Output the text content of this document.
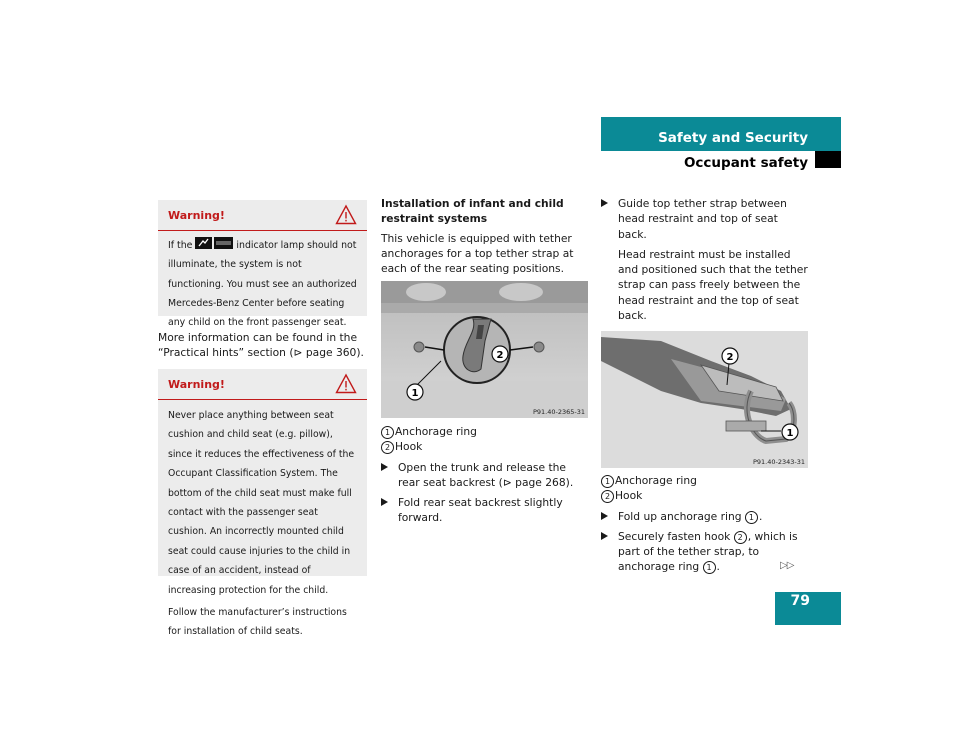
Safety and Security
Occupant safety
Warning!

If the	indicator lamp should not illuminate, the system is not functioning. You must see an authorized Mercedes-Benz Center before seating any child on the front passenger seat.

More information can be found in the “Practical hints” section (⊳ page 360).
Warning!

Never place anything between seat cushion and child seat (e.g. pillow), since it reduces the effectiveness of the Occupant Classification System. The bottom of the child seat must make full contact with the passenger seat cushion. An incorrectly mounted child seat could cause injuries to the child in case of an accident, instead of increasing protection for the child.

Follow the manufacturer’s instructions for installation of child seats.

Installation of infant and child restraint systems

This vehicle is equipped with tether anchorages for a top tether strap at each of the rear seating positions.

2
1
P91.40-2365-31

1 Anchorage ring

2 Hook

Open the trunk and release the rear seat backrest (⊳ page 268).

Fold rear seat backrest slightly forward.

Guide top tether strap between head restraint and top of seat back.

Head restraint must be installed and positioned such that the tether strap can pass freely between the head restraint and the top of seat back.

2
1
P91.40-2343-31

1 Anchorage ring

2 Hook

Fold up anchorage ring 1 .

Securely fasten hook 2 , which is part of the tether strap, to anchorage ring 1 .	▷▷
79
